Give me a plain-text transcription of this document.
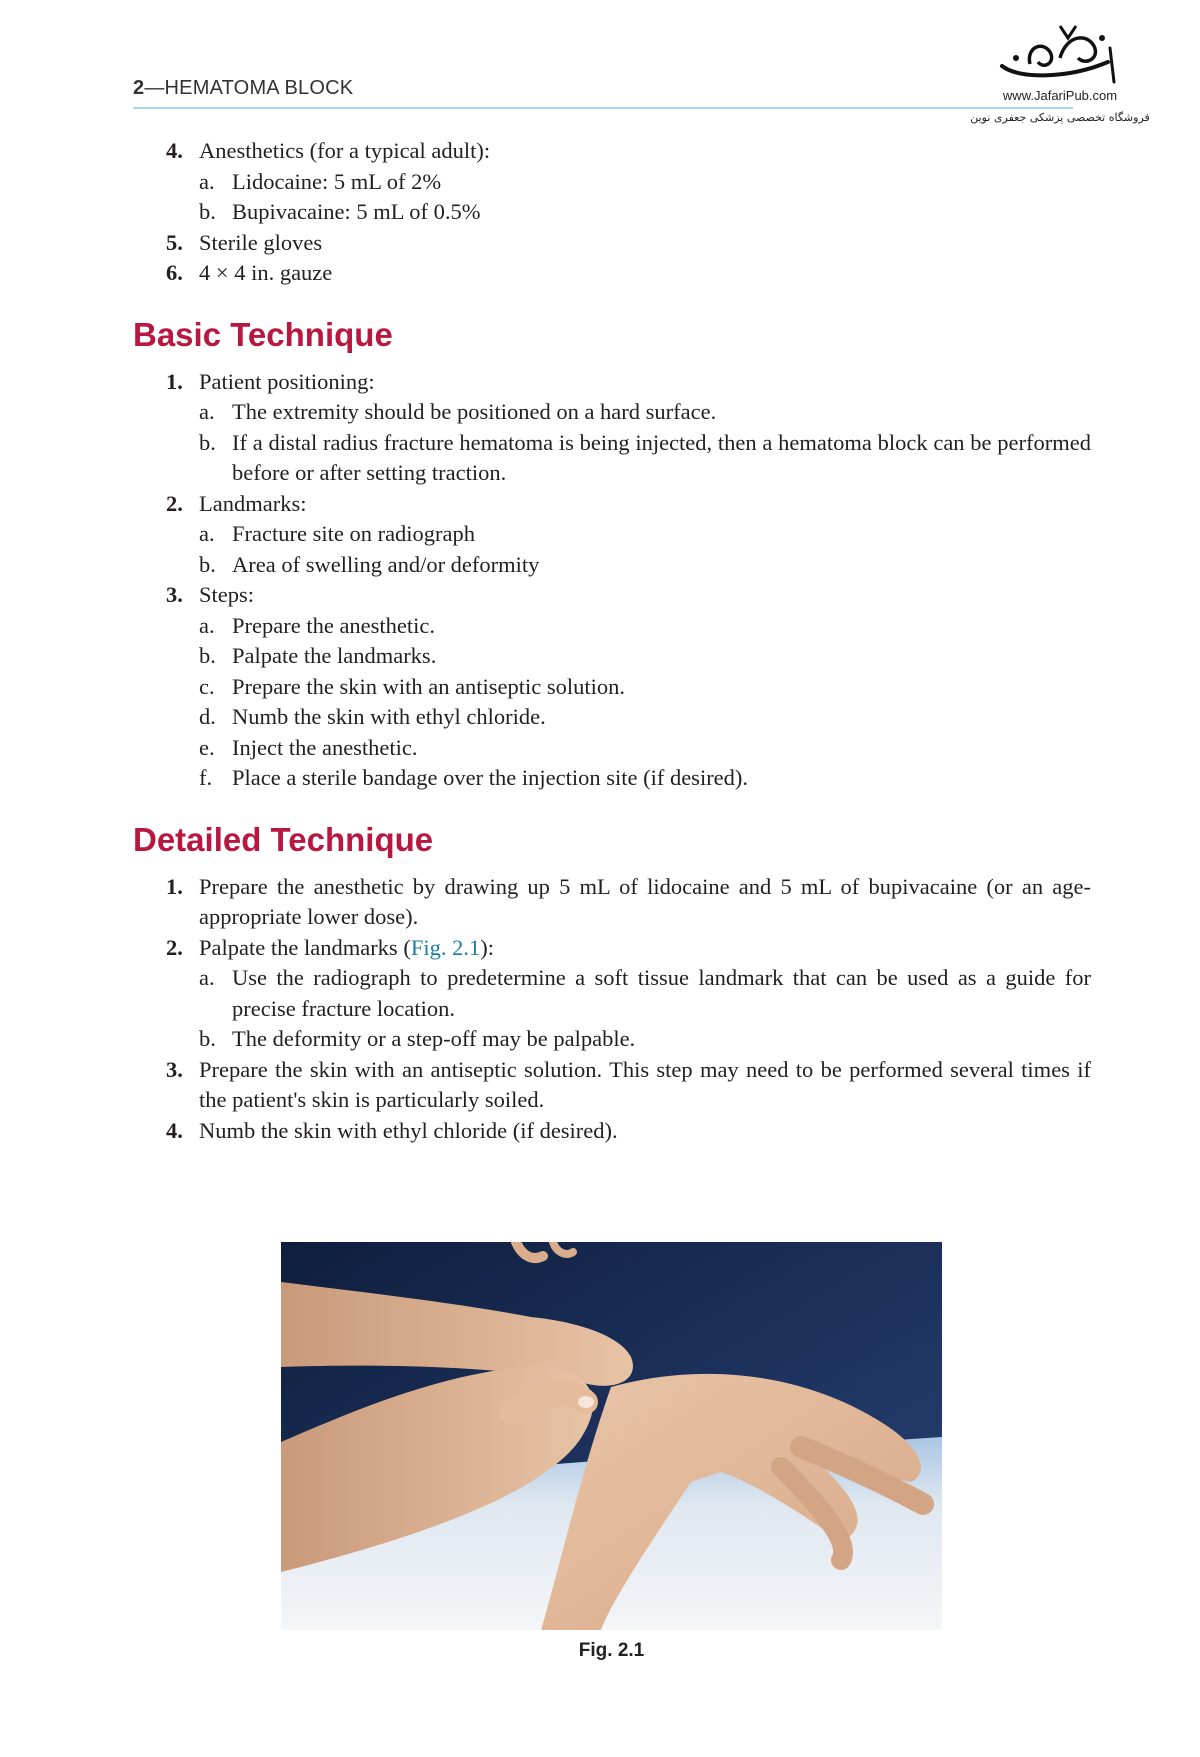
2—HEMATOMA BLOCK	www.JafariPub.com
فروشگاه تخصصی پزشکی جعفری نوین
4. Anesthetics (for a typical adult):
a. Lidocaine: 5 mL of 2%
b. Bupivacaine: 5 mL of 0.5%
5. Sterile gloves
6. 4 × 4 in. gauze
Basic Technique
1. Patient positioning:
a. The extremity should be positioned on a hard surface.
b. If a distal radius fracture hematoma is being injected, then a hematoma block can be performed before or after setting traction.
2. Landmarks:
a. Fracture site on radiograph
b. Area of swelling and/or deformity
3. Steps:
a. Prepare the anesthetic.
b. Palpate the landmarks.
c. Prepare the skin with an antiseptic solution.
d. Numb the skin with ethyl chloride.
e. Inject the anesthetic.
f. Place a sterile bandage over the injection site (if desired).
Detailed Technique
1. Prepare the anesthetic by drawing up 5 mL of lidocaine and 5 mL of bupivacaine (or an age-appropriate lower dose).
2. Palpate the landmarks (Fig. 2.1):
a. Use the radiograph to predetermine a soft tissue landmark that can be used as a guide for precise fracture location.
b. The deformity or a step-off may be palpable.
3. Prepare the skin with an antiseptic solution. This step may need to be performed several times if the patient's skin is particularly soiled.
4. Numb the skin with ethyl chloride (if desired).
Fig. 2.1
